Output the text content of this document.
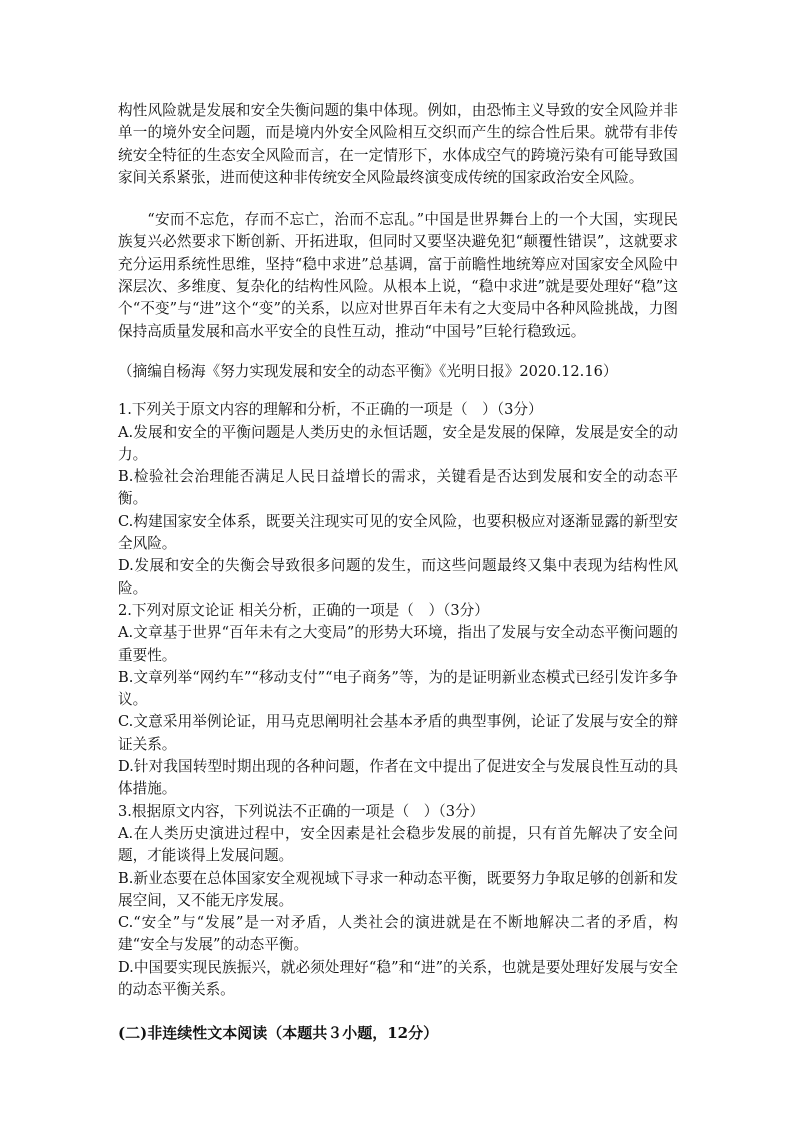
构性风险就是发展和安全失衡问题的集中体现。例如，由恐怖主义导致的安全风险并非单一的境外安全问题，而是境内外安全风险相互交织而产生的综合性后果。就带有非传统安全特征的生态安全风险而言，在一定情形下，水体成空气的跨境污染有可能导致国家间关系紧张，进而使这种非传统安全风险最终演变成传统的国家政治安全风险。

“安而不忘危，存而不忘亡，治而不忘乱。”中国是世界舞台上的一个大国，实现民族复兴必然要求下断创新、开拓进取，但同时又要坚决避免犯“颠覆性错误”，这就要求充分运用系统性思维，坚持“稳中求进”总基调，富于前瞻性地统筹应对国家安全风险中深层次、多维度、复杂化的结构性风险。从根本上说，“稳中求进”就是要处理好“稳”这个“不变”与“进”这个“变”的关系，以应对世界百年未有之大变局中各种风险挑战，力图保持高质量发展和高水平安全的良性互动，推动“中国号”巨轮行稳致远。

（摘编自杨海《努力实现发展和安全的动态平衡》《光明日报》2020.12.16）

1.下列关于原文内容的理解和分析，不正确的一项是（　）（3分）

A.发展和安全的平衡问题是人类历史的永恒话题，安全是发展的保障，发展是安全的动力。

B.检验社会治理能否满足人民日益增长的需求，关键看是否达到发展和安全的动态平衡。

C.构建国家安全体系，既要关注现实可见的安全风险，也要积极应对逐渐显露的新型安全风险。

D.发展和安全的失衡会导致很多问题的发生，而这些问题最终又集中表现为结构性风险。

2.下列对原文论证 相关分析，正确的一项是（　）（3分）

A.文章基于世界“百年未有之大变局”的形势大环境，指出了发展与安全动态平衡问题的重要性。

B.文章列举“网约车”“移动支付”“电子商务”等，为的是证明新业态模式已经引发许多争议。

C.文意采用举例论证，用马克思阐明社会基本矛盾的典型事例，论证了发展与安全的辩证关系。

D.针对我国转型时期出现的各种问题，作者在文中提出了促进安全与发展良性互动的具体措施。

3.根据原文内容，下列说法不正确的一项是（　）（3分）

A.在人类历史演进过程中，安全因素是社会稳步发展的前提，只有首先解决了安全问题，才能谈得上发展问题。

B.新业态要在总体国家安全观视域下寻求一种动态平衡，既要努力争取足够的创新和发展空间，又不能无序发展。

C.“安全”与“发展”是一对矛盾，人类社会的演进就是在不断地解决二者的矛盾，构建“安全与发展”的动态平衡。

D.中国要实现民族振兴，就必须处理好“稳”和“进”的关系，也就是要处理好发展与安全的动态平衡关系。

(二)非连续性文本阅读（本题共３小题，12分）
